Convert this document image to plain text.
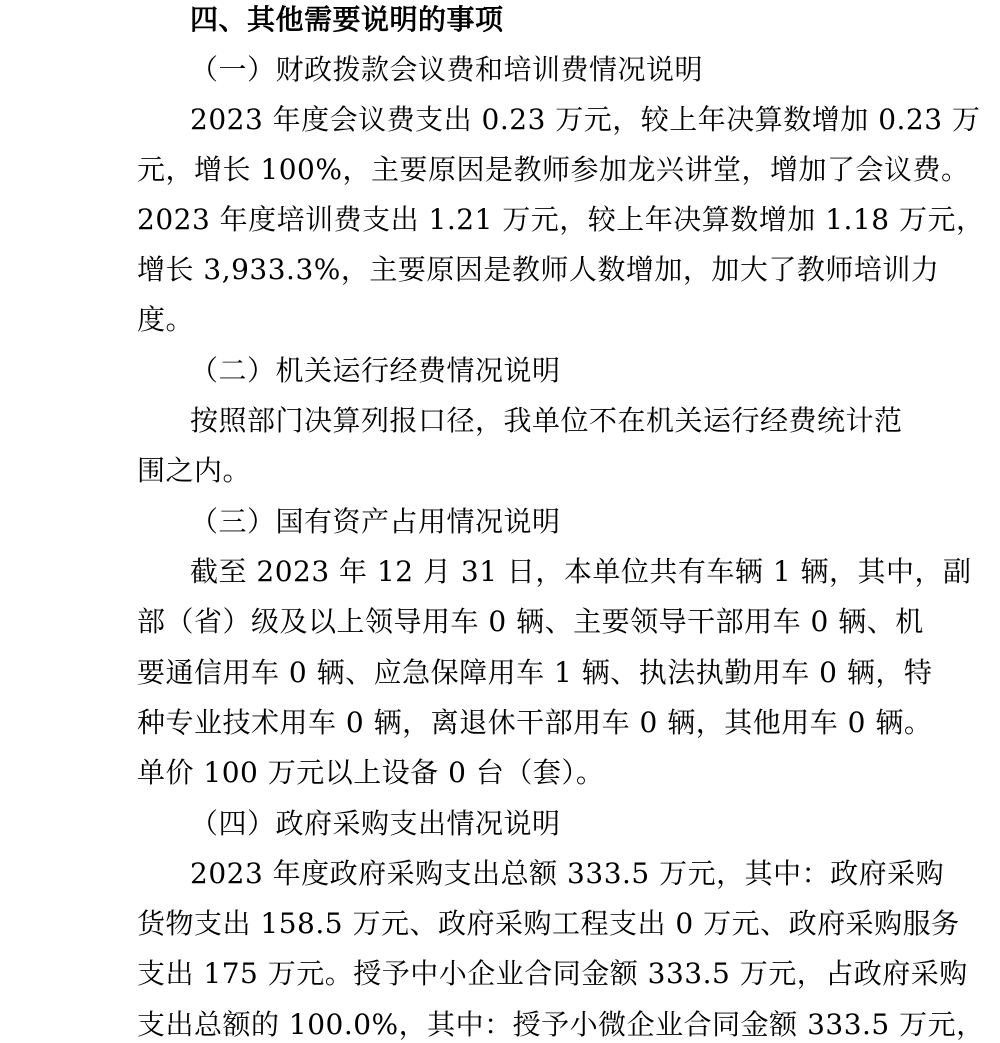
四、其他需要说明的事项
（一）财政拨款会议费和培训费情况说明
2023 年度会议费支出 0.23 万元，较上年决算数增加 0.23 万
元，增长 100%，主要原因是教师参加龙兴讲堂，增加了会议费。
2023 年度培训费支出 1.21 万元，较上年决算数增加 1.18 万元，
增长 3,933.3%，主要原因是教师人数增加，加大了教师培训力
度。
（二）机关运行经费情况说明
按照部门决算列报口径，我单位不在机关运行经费统计范
围之内。
（三）国有资产占用情况说明
截至 2023 年 12 月 31 日，本单位共有车辆 1 辆，其中，副
部（省）级及以上领导用车 0 辆、主要领导干部用车 0 辆、机
要通信用车 0 辆、应急保障用车 1 辆、执法执勤用车 0 辆，特
种专业技术用车 0 辆，离退休干部用车 0 辆，其他用车 0 辆。
单价 100 万元以上设备 0 台（套）。
（四）政府采购支出情况说明
2023 年度政府采购支出总额 333.5 万元，其中：政府采购
货物支出 158.5 万元、政府采购工程支出 0 万元、政府采购服务
支出 175 万元。授予中小企业合同金额 333.5 万元，占政府采购
支出总额的 100.0%，其中：授予小微企业合同金额 333.5 万元，
